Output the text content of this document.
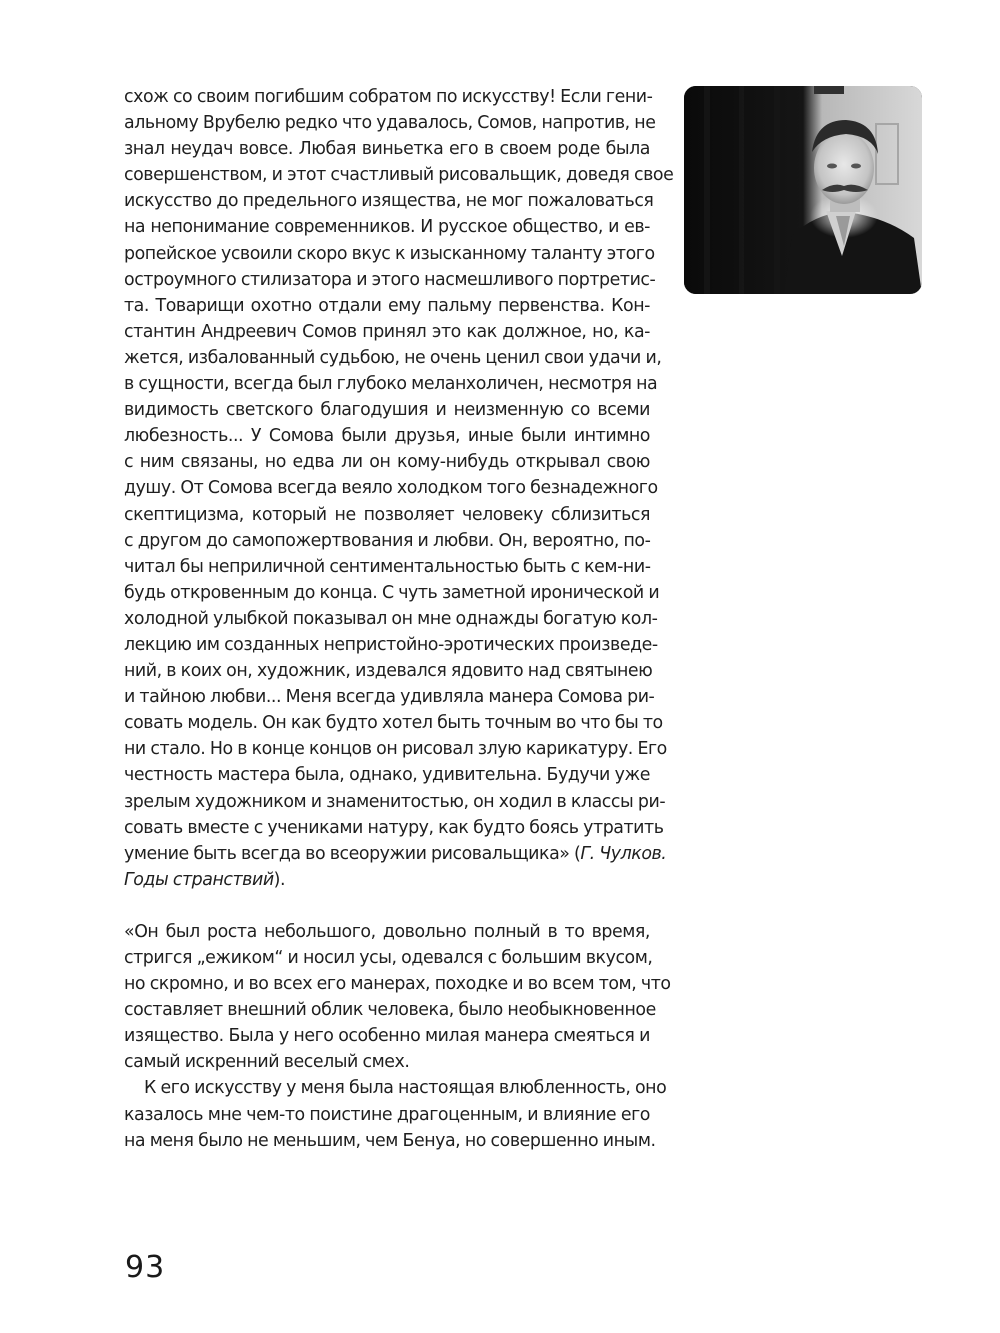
схож со своим погибшим собратом по искусству! Если гени-
альному Врубелю редко что удавалось, Сомов, напротив, не
знал неудач вовсе. Любая виньетка его в своем роде была
совершенством, и этот счастливый рисовальщик, доведя свое
искусство до предельного изящества, не мог пожаловаться
на непонимание современников. И русское общество, и ев-
ропейское усвоили скоро вкус к изысканному таланту этого
остроумного стилизатора и этого насмешливого портретис-
та. Товарищи охотно отдали ему пальму первенства. Кон-
стантин Андреевич Сомов принял это как должное, но, ка-
жется, избалованный судьбою, не очень ценил свои удачи и,
в сущности, всегда был глубоко меланхоличен, несмотря на
видимость светского благодушия и неизменную со всеми
любезность... У Сомова были друзья, иные были интимно
с ним связаны, но едва ли он кому-нибудь открывал свою
душу. От Сомова всегда веяло холодком того безнадежного
скептицизма, который не позволяет человеку сблизиться
с другом до самопожертвования и любви. Он, вероятно, по-
читал бы неприличной сентиментальностью быть с кем-ни-
будь откровенным до конца. С чуть заметной иронической и
холодной улыбкой показывал он мне однажды богатую кол-
лекцию им созданных непристойно-эротических произведе-
ний, в коих он, художник, издевался ядовито над святынею
и тайною любви... Меня всегда удивляла манера Сомова ри-
совать модель. Он как будто хотел быть точным во что бы то
ни стало. Но в конце концов он рисовал злую карикатуру. Его
честность мастера была, однако, удивительна. Будучи уже
зрелым художником и знаменитостью, он ходил в классы ри-
совать вместе с учениками натуру, как будто боясь утратить
умение быть всегда во всеоружии рисовальщика» (Г. Чулков.
Годы странствий).
«Он был роста небольшого, довольно полный в то время,
стригся „ежиком“ и носил усы, одевался с большим вкусом,
но скромно, и во всех его манерах, походке и во всем том, что
составляет внешний облик человека, было необыкновенное
изящество. Была у него особенно милая манера смеяться и
самый искренний веселый смех.
К его искусству у меня была настоящая влюбленность, оно
казалось мне чем-то поистине драгоценным, и влияние его
на меня было не меньшим, чем Бенуа, но совершенно иным.
93
